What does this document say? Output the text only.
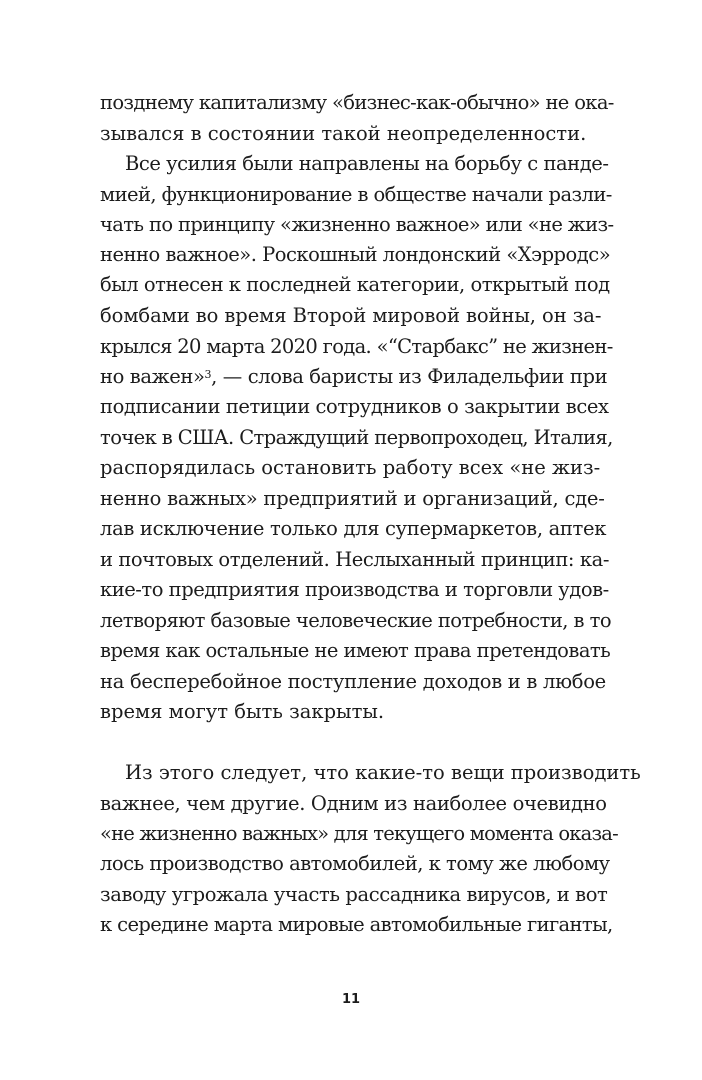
позднему капитализму «бизнес-как-обычно» не ока-

зывался в состоянии такой неопределенности.

Все усилия были направлены на борьбу с панде-

мией, функционирование в обществе начали разли-

чать по принципу «жизненно важное» или «не жиз-

ненно важное». Роскошный лондонский «Хэрродс»

был отнесен к последней категории, открытый под

бомбами во время Второй мировой войны, он за-

крылся 20 марта 2020 года. «“Старбакс” не жизнен-

но важен»$^3$, — слова баристы из Филадельфии при

подписании петиции сотрудников о закрытии всех

точек в США. Страждущий первопроходец, Италия,

распорядилась остановить работу всех «не жиз-

ненно важных» предприятий и организаций, сде-

лав исключение только для супермаркетов, аптек

и почтовых отделений. Неслыханный принцип: ка-

кие-то предприятия производства и торговли удов-

летворяют базовые человеческие потребности, в то

время как остальные не имеют права претендовать

на бесперебойное поступление доходов и в любое

время могут быть закрыты.

Из этого следует, что какие-то вещи производить

важнее, чем другие. Одним из наиболее очевидно

«не жизненно важных» для текущего момента оказа-

лось производство автомобилей, к тому же любому

заводу угрожала участь рассадника вирусов, и вот

к середине марта мировые автомобильные гиганты,

11
